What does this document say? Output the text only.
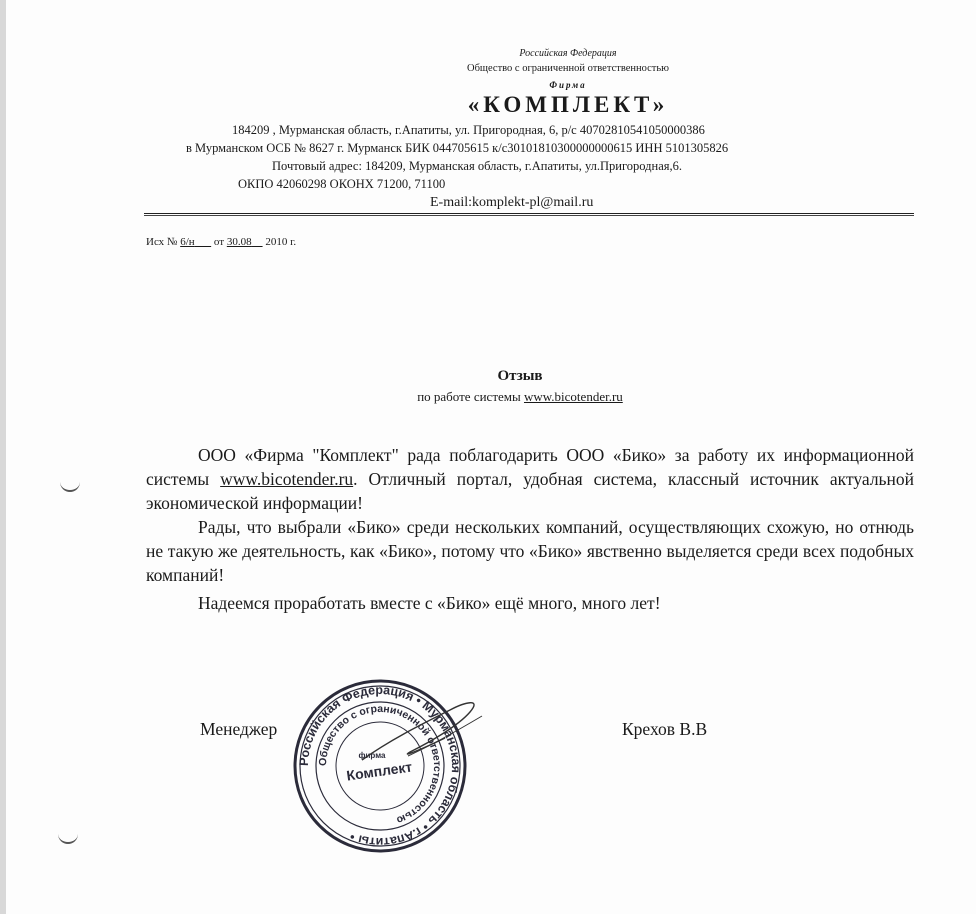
Российская Федерация
Общество с ограниченной ответственностью
Фирма
«КОМПЛЕКТ»
184209 , Мурманская область, г.Апатиты, ул. Пригородная, 6, р/с 40702810541050000386
в Мурманском ОСБ № 8627 г. Мурманск БИК 044705615 к/с30101810300000000615 ИНН 5101305826
Почтовый адрес: 184209, Мурманская область, г.Апатиты, ул.Пригородная,6.
ОКПО 42060298 ОКОНХ 71200, 71100
E-mail:komplekt-pl@mail.ru
Исх № 6/н от 30.08 2010 г.
Отзыв
по работе системы www.bicotender.ru
ООО «Фирма "Комплект" рада поблагодарить ООО «Бико» за работу их информационной системы www.bicotender.ru. Отличный портал, удобная система, классный источник актуальной экономической информации!
Рады, что выбрали «Бико» среди нескольких компаний, осуществляющих схожую, но отнюдь не такую же деятельность, как «Бико», потому что «Бико» явственно выделяется среди всех подобных компаний!
Надеемся проработать вместе с «Бико» ещё много, много лет!
Менеджер	Крехов В.В
Российская Федерация • Мурманская область • г.Апатиты •
Общество с ограниченной ответственностью
фирма
Комплект
